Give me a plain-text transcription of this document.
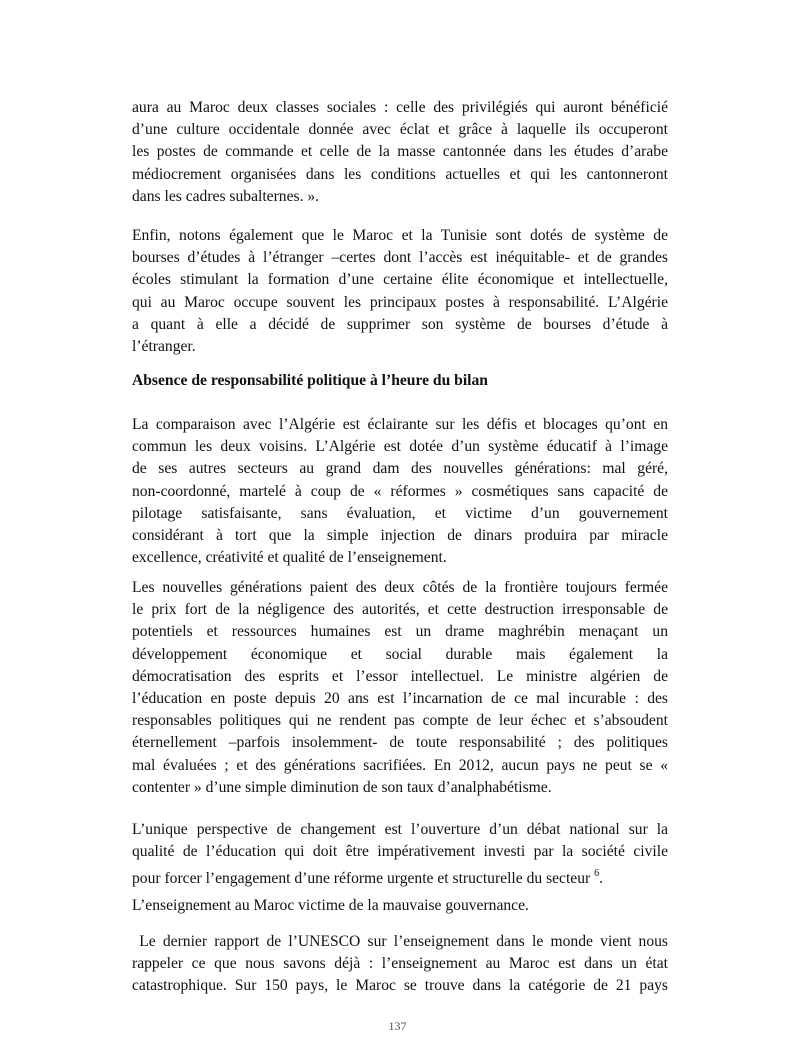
aura au Maroc deux classes sociales : celle des privilégiés qui auront bénéficié
d’une culture occidentale donnée avec éclat et grâce à laquelle ils occuperont
les postes de commande et celle de la masse cantonnée dans les études d’arabe
médiocrement organisées dans les conditions actuelles et qui les cantonneront
dans les cadres subalternes. ».
Enfin, notons également que le Maroc et la Tunisie sont dotés de système de
bourses d’études à l’étranger –certes dont l’accès est inéquitable- et de grandes
écoles stimulant la formation d’une certaine élite économique et intellectuelle,
qui au Maroc occupe souvent les principaux postes à responsabilité. L’Algérie
a quant à elle a décidé de supprimer son système de bourses d’étude à
l’étranger.
Absence de responsabilité politique à l’heure du bilan
La comparaison avec l’Algérie est éclairante sur les défis et blocages qu’ont en
commun les deux voisins. L’Algérie est dotée d’un système éducatif à l’image
de ses autres secteurs au grand dam des nouvelles générations: mal géré,
non-coordonné, martelé à coup de « réformes » cosmétiques sans capacité de
pilotage satisfaisante, sans évaluation, et victime d’un gouvernement
considérant à tort que la simple injection de dinars produira par miracle
excellence, créativité et qualité de l’enseignement.
Les nouvelles générations paient des deux côtés de la frontière toujours fermée
le prix fort de la négligence des autorités, et cette destruction irresponsable de
potentiels et ressources humaines est un drame maghrébin menaçant un
développement économique et social durable mais également la
démocratisation des esprits et l’essor intellectuel. Le ministre algérien de
l’éducation en poste depuis 20 ans est l’incarnation de ce mal incurable : des
responsables politiques qui ne rendent pas compte de leur échec et s’absoudent
éternellement –parfois insolemment- de toute responsabilité ; des politiques
mal évaluées ; et des générations sacrifiées. En 2012, aucun pays ne peut se «
contenter » d’une simple diminution de son taux d’analphabétisme.
L’unique perspective de changement est l’ouverture d’un débat national sur la
qualité de l’éducation qui doit être impérativement investi par la société civile
pour forcer l’engagement d’une réforme urgente et structurelle du secteur $^6$.
L’enseignement au Maroc victime de la mauvaise gouvernance.
Le dernier rapport de l’UNESCO sur l’enseignement dans le monde vient nous
rappeler ce que nous savons déjà : l’enseignement au Maroc est dans un état
catastrophique. Sur 150 pays, le Maroc se trouve dans la catégorie de 21 pays
137
